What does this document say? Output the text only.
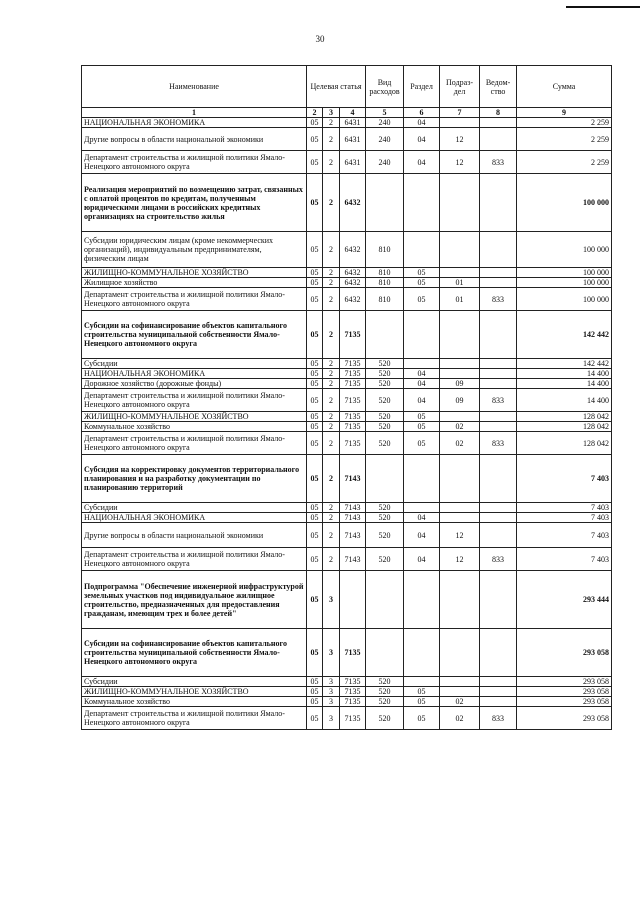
30
Наименование	Целевая статья			Вид расходов	Раздел	Подраз-дел	Ведом-ство	Сумма
1	2	3	4	5	6	7	8	9
НАЦИОНАЛЬНАЯ ЭКОНОМИКА	05	2	6431	240	04			2 259
Другие вопросы в области национальной экономики	05	2	6431	240	04	12		2 259
Департамент строительства и жилищной политики Ямало-Ненецкого автономного округа	05	2	6431	240	04	12	833	2 259
Реализация мероприятий по возмещению затрат, связанных с оплатой процентов по кредитам, полученным юридическими лицами в российских кредитных организациях на строительство жилья	05	2	6432					100 000
Субсидии юридическим лицам (кроме некоммерческих организаций), индивидуальным предпринимателям, физическим лицам	05	2	6432	810				100 000
ЖИЛИЩНО-КОММУНАЛЬНОЕ ХОЗЯЙСТВО	05	2	6432	810	05			100 000
Жилищное хозяйство	05	2	6432	810	05	01		100 000
Департамент строительства и жилищной политики Ямало-Ненецкого автономного округа	05	2	6432	810	05	01	833	100 000
Субсидии на софинансирование объектов капитального строительства муниципальной собственности Ямало-Ненецкого автономного округа	05	2	7135					142 442
Субсидии	05	2	7135	520				142 442
НАЦИОНАЛЬНАЯ ЭКОНОМИКА	05	2	7135	520	04			14 400
Дорожное хозяйство (дорожные фонды)	05	2	7135	520	04	09		14 400
Департамент строительства и жилищной политики Ямало-Ненецкого автономного округа	05	2	7135	520	04	09	833	14 400
ЖИЛИЩНО-КОММУНАЛЬНОЕ ХОЗЯЙСТВО	05	2	7135	520	05			128 042
Коммунальное хозяйство	05	2	7135	520	05	02		128 042
Департамент строительства и жилищной политики Ямало-Ненецкого автономного округа	05	2	7135	520	05	02	833	128 042
Субсидия на корректировку документов территориального планирования и на разработку документации по планированию территорий	05	2	7143					7 403
Субсидии	05	2	7143	520				7 403
НАЦИОНАЛЬНАЯ ЭКОНОМИКА	05	2	7143	520	04			7 403
Другие вопросы в области национальной экономики	05	2	7143	520	04	12		7 403
Департамент строительства и жилищной политики Ямало-Ненецкого автономного округа	05	2	7143	520	04	12	833	7 403
Подпрограмма "Обеспечение инженерной инфраструктурой земельных участков под индивидуальное жилищное строительство, предназначенных для предоставления гражданам, имеющим трех и более детей"	05	3						293 444
Субсидии на софинансирование объектов капитального строительства муниципальной собственности Ямало-Ненецкого автономного округа	05	3	7135					293 058
Субсидии	05	3	7135	520				293 058
ЖИЛИЩНО-КОММУНАЛЬНОЕ ХОЗЯЙСТВО	05	3	7135	520	05			293 058
Коммунальное хозяйство	05	3	7135	520	05	02		293 058
Департамент строительства и жилищной политики Ямало-Ненецкого автономного округа	05	3	7135	520	05	02	833	293 058
